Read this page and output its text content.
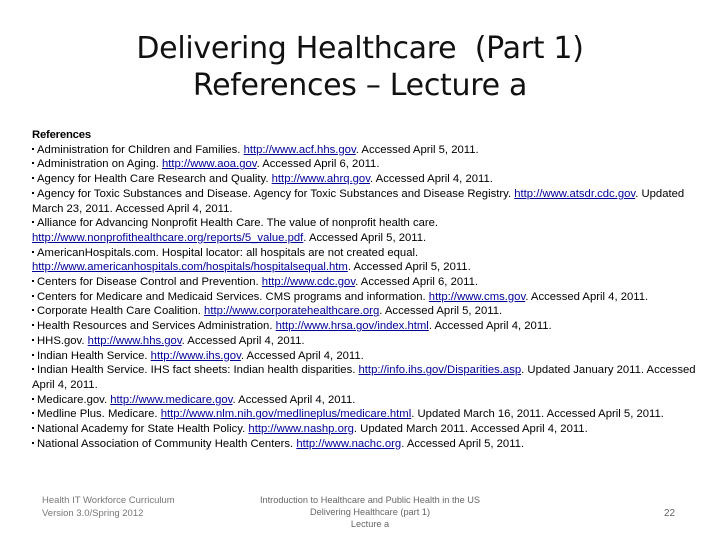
Delivering Healthcare  (Part 1)
References – Lecture a
References
Administration for Children and Families. http://www.acf.hhs.gov. Accessed April 5, 2011.
Administration on Aging. http://www.aoa.gov. Accessed April 6, 2011.
Agency for Health Care Research and Quality. http://www.ahrq.gov. Accessed April 4, 2011.
Agency for Toxic Substances and Disease. Agency for Toxic Substances and Disease Registry. http://www.atsdr.cdc.gov. Updated March 23, 2011. Accessed April 4, 2011.
Alliance for Advancing Nonprofit Health Care. The value of nonprofit health care. http://www.nonprofithealthcare.org/reports/5_value.pdf. Accessed April 5, 2011.
AmericanHospitals.com. Hospital locator: all hospitals are not created equal. http://www.americanhospitals.com/hospitals/hospitalsequal.htm. Accessed April 5, 2011.
Centers for Disease Control and Prevention. http://www.cdc.gov. Accessed April 6, 2011.
Centers for Medicare and Medicaid Services. CMS programs and information. http://www.cms.gov. Accessed April 4, 2011.
Corporate Health Care Coalition. http://www.corporatehealthcare.org. Accessed April 5, 2011.
Health Resources and Services Administration. http://www.hrsa.gov/index.html. Accessed April 4, 2011.
HHS.gov. http://www.hhs.gov. Accessed April 4, 2011.
Indian Health Service. http://www.ihs.gov. Accessed April 4, 2011.
Indian Health Service. IHS fact sheets: Indian health disparities. http://info.ihs.gov/Disparities.asp. Updated January 2011. Accessed April 4, 2011.
Medicare.gov. http://www.medicare.gov. Accessed April 4, 2011.
Medline Plus. Medicare. http://www.nlm.nih.gov/medlineplus/medicare.html. Updated March 16, 2011. Accessed April 5, 2011.
National Academy for State Health Policy. http://www.nashp.org. Updated March 2011. Accessed April 4, 2011.
National Association of Community Health Centers. http://www.nachc.org. Accessed April 5, 2011.
Health IT Workforce Curriculum
Version 3.0/Spring 2012
Introduction to Healthcare and Public Health in the US
Delivering Healthcare (part 1)
Lecture a
22
